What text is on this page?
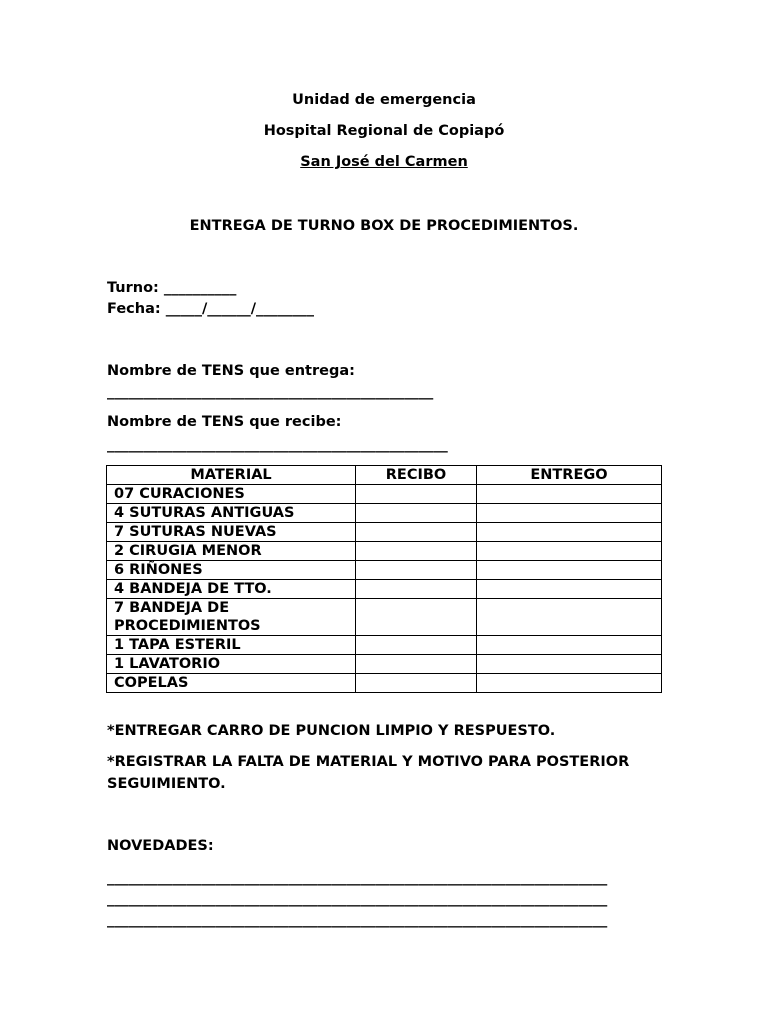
Unidad de emergencia
Hospital Regional de Copiapó
San José del Carmen
ENTREGA DE TURNO BOX DE PROCEDIMIENTOS.
Turno: __________
Fecha: _____/______/________
Nombre de TENS que entrega:
_____________________________________________
Nombre de TENS que recibe:
_______________________________________________
MATERIAL	RECIBO	ENTREGO
07 CURACIONES		
4 SUTURAS ANTIGUAS		
7 SUTURAS NUEVAS		
2 CIRUGIA MENOR		
6 RIÑONES		
4 BANDEJA DE TTO.		
7 BANDEJA DE PROCEDIMIENTOS		
1 TAPA ESTERIL		
1 LAVATORIO		
COPELAS		
*ENTREGAR CARRO DE PUNCION LIMPIO Y RESPUESTO.
*REGISTRAR LA FALTA DE MATERIAL Y MOTIVO PARA POSTERIOR
SEGUIMIENTO.
NOVEDADES:
_____________________________________________________________________
_____________________________________________________________________
_____________________________________________________________________
